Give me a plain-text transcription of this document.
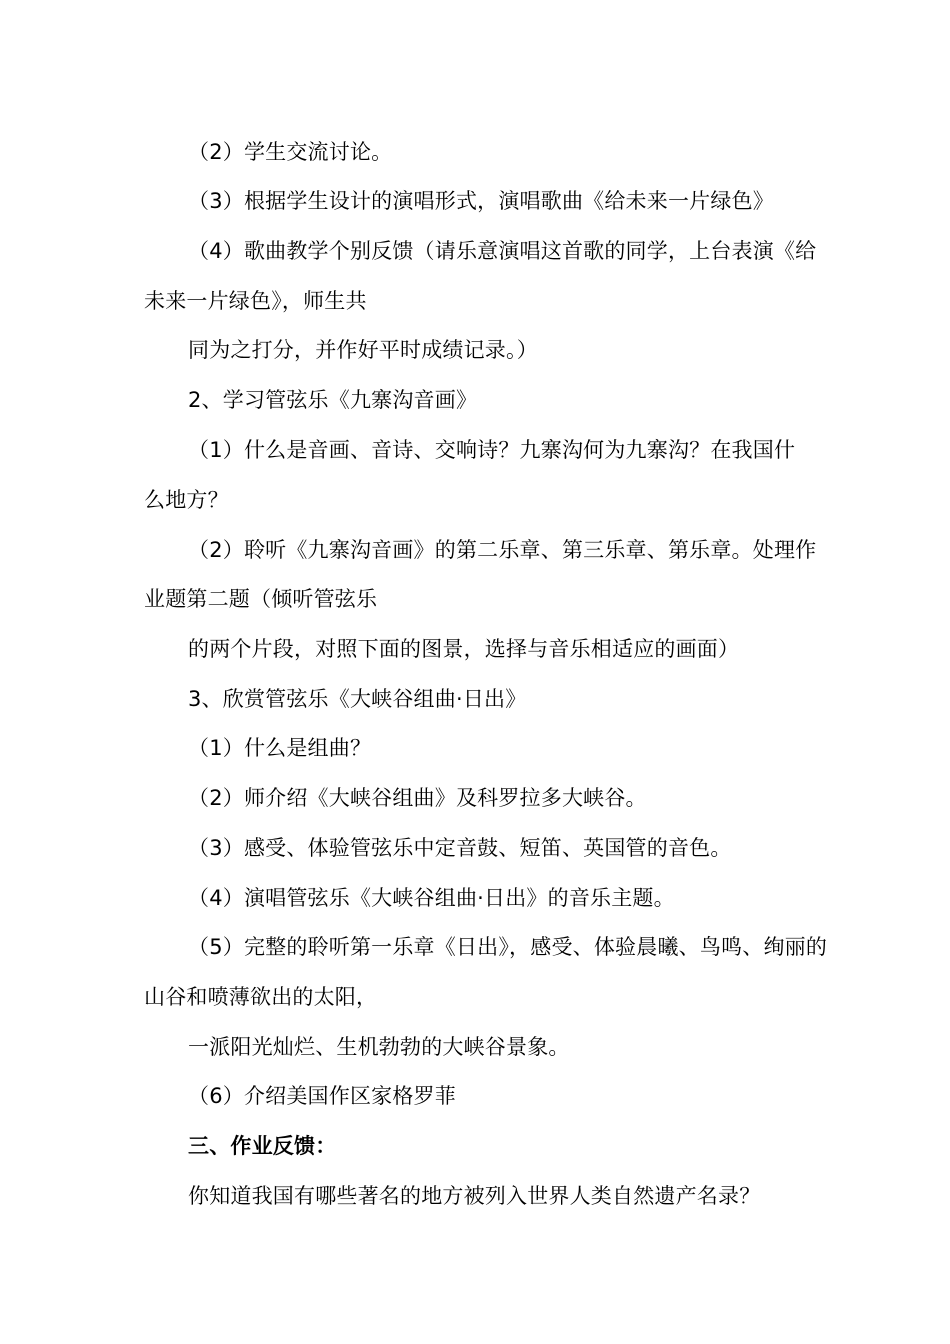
（2）学生交流讨论。
（3）根据学生设计的演唱形式，演唱歌曲《给未来一片绿色》
（4）歌曲教学个别反馈（请乐意演唱这首歌的同学，上台表演《给
未来一片绿色》，师生共
同为之打分，并作好平时成绩记录。）
2、学习管弦乐《九寨沟音画》
（1）什么是音画、音诗、交响诗？九寨沟何为九寨沟？在我国什
么地方？
（2）聆听《九寨沟音画》的第二乐章、第三乐章、第乐章。处理作
业题第二题（倾听管弦乐
的两个片段，对照下面的图景，选择与音乐相适应的画面）
3、欣赏管弦乐《大峡谷组曲·日出》
（1）什么是组曲？
（2）师介绍《大峡谷组曲》及科罗拉多大峡谷。
（3）感受、体验管弦乐中定音鼓、短笛、英国管的音色。
（4）演唱管弦乐《大峡谷组曲·日出》的音乐主题。
（5）完整的聆听第一乐章《日出》，感受、体验晨曦、鸟鸣、绚丽的
山谷和喷薄欲出的太阳，
一派阳光灿烂、生机勃勃的大峡谷景象。
（6）介绍美国作区家格罗菲
三、作业反馈：
你知道我国有哪些著名的地方被列入世界人类自然遗产名录？
